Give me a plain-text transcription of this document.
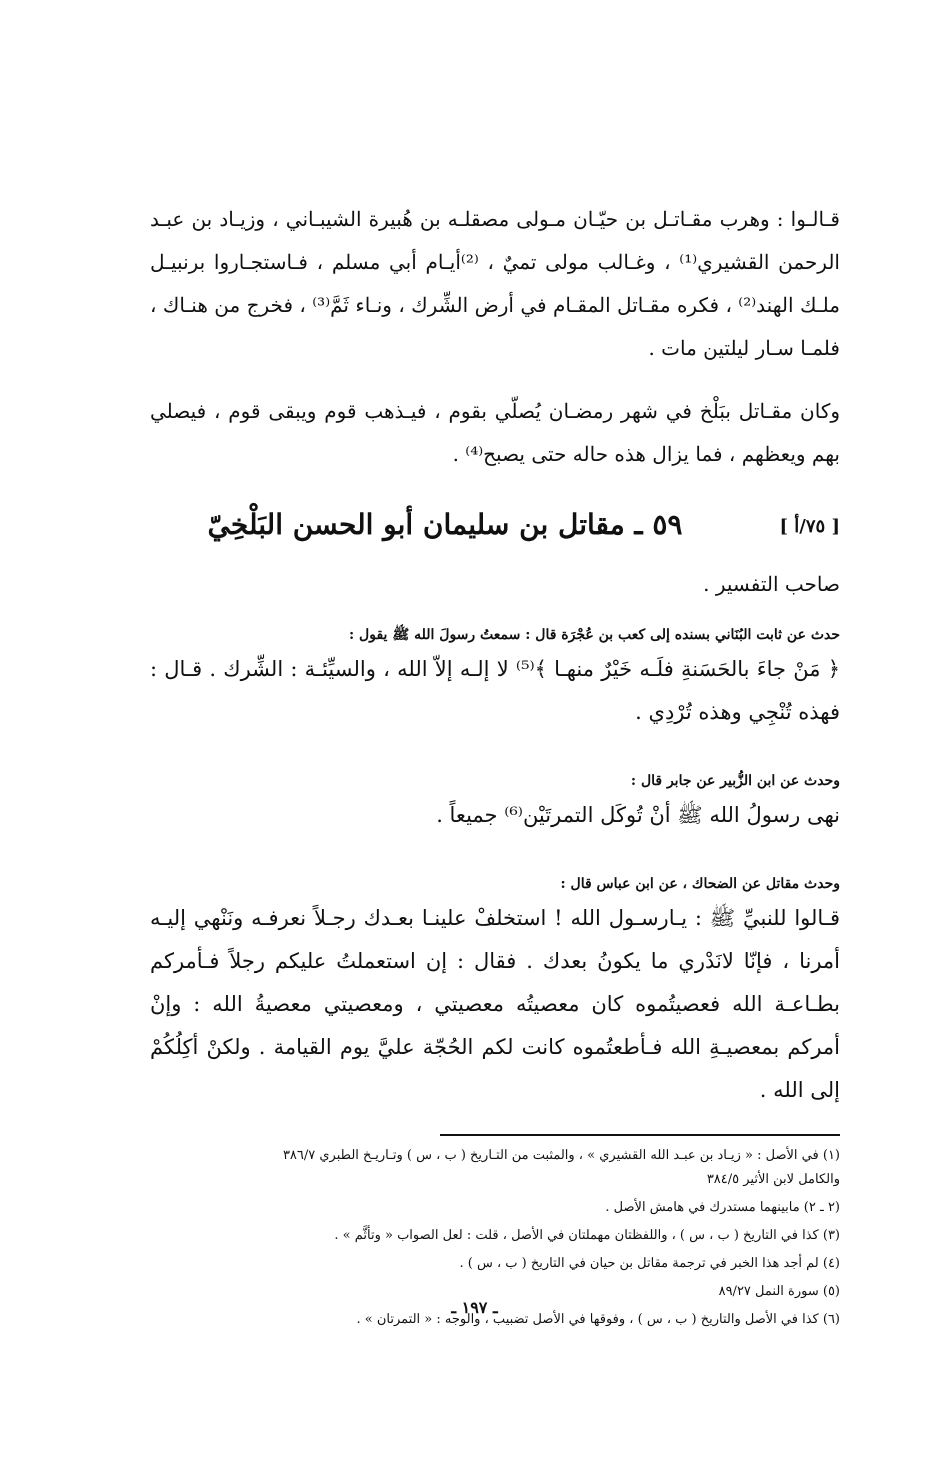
قـالـوا : وهرب مقـاتـل بن حيّـان مـولى مصقلـه بن هُبيرة الشيبـاني ، وزيـاد بن عبـد الرحمن القشيري⁽¹⁾ ، وغـالب مولى تميٌ ، ⁽²⁾أيـام أبي مسلم ، فـاستجـاروا برنبيـل ملـك الهند⁽²⁾ ، فكره مقـاتل المقـام في أرض الشِّرك ، ونـاء ثَمَّ⁽³⁾ ، فخرج من هنـاك ، فلمـا سـار ليلتين مات .

وكان مقـاتل ببَلْخ في شهر رمضـان يُصلّي بقوم ، فيـذهب قوم ويبقى قوم ، فيصلي بهم ويعظهم ، فما يزال هذه حاله حتى يصبح⁽⁴⁾ .

[ ٧٥/أ ]
٥٩ ـ مقاتل بن سليمان أبو الحسن البَلْخِيّ

صاحب التفسير .

حدث عن ثابت البُنَاني بسنده إلى كعب بن عُجْرَة قال : سمعتُ رسولَ الله ﷺ يقول :

﴿ مَنْ جاءَ بالحَسَنةِ فلَـه خَيْرٌ منهـا ﴾⁽⁵⁾ لا إلـه إلاّ الله ، والسيِّئـة : الشِّرك . قـال : فهذه تُنْجِي وهذه تُرْدِي .

وحدث عن ابن الزُّبير عن جابر قال :

نهى رسولُ الله ﷺ أنْ تُوكَل التمرتَيْن⁽⁶⁾ جميعاً .

وحدث مقاتل عن الضحاك ، عن ابن عباس قال :

قـالوا للنبيِّ ﷺ : يـارسـول الله ! استخلفْ علينـا بعـدك رجـلاً نعرفـه ونَنْهي إليـه أمرنا ، فإنّا لانَدْري ما يكونُ بعدك . فقال : إن استعملتُ عليكم رجلاً فـأمركم بطـاعـة الله فعصيتُموه كان معصيتُه معصيتي ، ومعصيتي معصيةُ الله : وإنْ أمركم بمعصيـةِ الله فـأطعتُموه كانت لكم الحُجّة عليَّ يوم القيامة . ولكنْ أكِلُكُمْ إلى الله .

(١) في الأصل : « زيـاد بن عبـد الله القشيري » ، والمثبت من التـاريخ ( ب ، س ) وتـاريـخ الطبري ٣٨٦/٧
والكامل لابن الأثير ٣٨٤/٥
(٢ ـ ٢) مابينهما مستدرك في هامش الأصل .
(٣) كذا في التاريخ ( ب ، س ) ، واللفظتان مهملتان في الأصل ، قلت : لعل الصواب « وتأثَّم » .
(٤) لم أجد هذا الخبر في ترجمة مقاتل بن حيان في التاريخ ( ب ، س ) .
(٥) سورة النمل ٨٩/٢٧
(٦) كذا في الأصل والتاريخ ( ب ، س ) ، وفوقها في الأصل تضبيب ، والوجه : « التمرتان » .
ـ ١٩٧ ـ
